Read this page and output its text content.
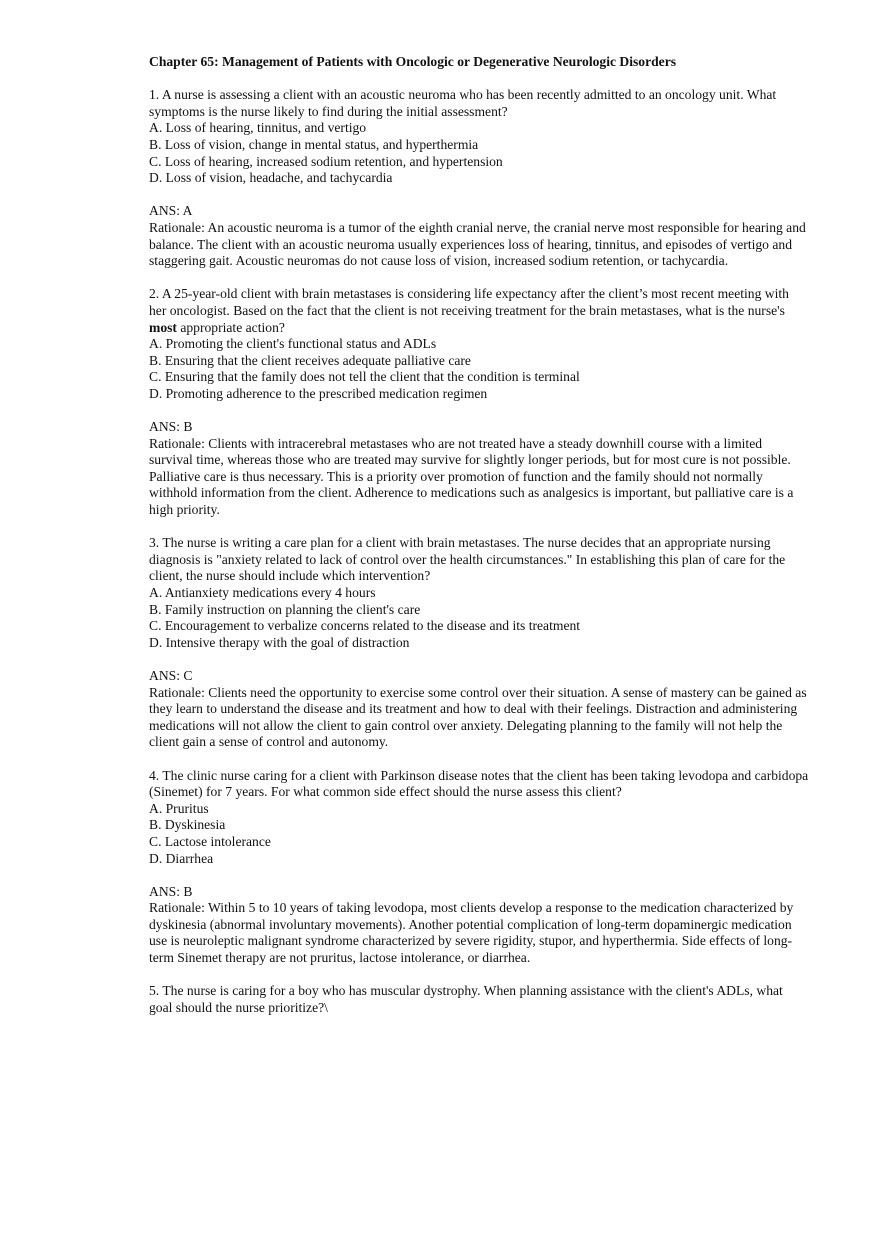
Chapter 65: Management of Patients with Oncologic or Degenerative Neurologic Disorders

1. A nurse is assessing a client with an acoustic neuroma who has been recently admitted to an oncology unit. What symptoms is the nurse likely to find during the initial assessment?

A. Loss of hearing, tinnitus, and vertigo

B. Loss of vision, change in mental status, and hyperthermia

C. Loss of hearing, increased sodium retention, and hypertension

D. Loss of vision, headache, and tachycardia

ANS: A

Rationale: An acoustic neuroma is a tumor of the eighth cranial nerve, the cranial nerve most responsible for hearing and balance. The client with an acoustic neuroma usually experiences loss of hearing, tinnitus, and episodes of vertigo and staggering gait. Acoustic neuromas do not cause loss of vision, increased sodium retention, or tachycardia.

2. A 25-year-old client with brain metastases is considering life expectancy after the client’s most recent meeting with her oncologist. Based on the fact that the client is not receiving treatment for the brain metastases, what is the nurse's most appropriate action?

A. Promoting the client's functional status and ADLs

B. Ensuring that the client receives adequate palliative care

C. Ensuring that the family does not tell the client that the condition is terminal

D. Promoting adherence to the prescribed medication regimen

ANS: B

Rationale: Clients with intracerebral metastases who are not treated have a steady downhill course with a limited survival time, whereas those who are treated may survive for slightly longer periods, but for most cure is not possible. Palliative care is thus necessary. This is a priority over promotion of function and the family should not normally withhold information from the client. Adherence to medications such as analgesics is important, but palliative care is a high priority.

3. The nurse is writing a care plan for a client with brain metastases. The nurse decides that an appropriate nursing diagnosis is "anxiety related to lack of control over the health circumstances." In establishing this plan of care for the client, the nurse should include which intervention?

A. Antianxiety medications every 4 hours

B. Family instruction on planning the client's care

C. Encouragement to verbalize concerns related to the disease and its treatment

D. Intensive therapy with the goal of distraction

ANS: C

Rationale: Clients need the opportunity to exercise some control over their situation. A sense of mastery can be gained as they learn to understand the disease and its treatment and how to deal with their feelings. Distraction and administering medications will not allow the client to gain control over anxiety. Delegating planning to the family will not help the client gain a sense of control and autonomy.

4. The clinic nurse caring for a client with Parkinson disease notes that the client has been taking levodopa and carbidopa (Sinemet) for 7 years. For what common side effect should the nurse assess this client?

A. Pruritus

B. Dyskinesia

C. Lactose intolerance

D. Diarrhea

ANS: B

Rationale: Within 5 to 10 years of taking levodopa, most clients develop a response to the medication characterized by dyskinesia (abnormal involuntary movements). Another potential complication of long-term dopaminergic medication use is neuroleptic malignant syndrome characterized by severe rigidity, stupor, and hyperthermia. Side effects of long-term Sinemet therapy are not pruritus, lactose intolerance, or diarrhea.

5. The nurse is caring for a boy who has muscular dystrophy. When planning assistance with the client's ADLs, what goal should the nurse prioritize?\
